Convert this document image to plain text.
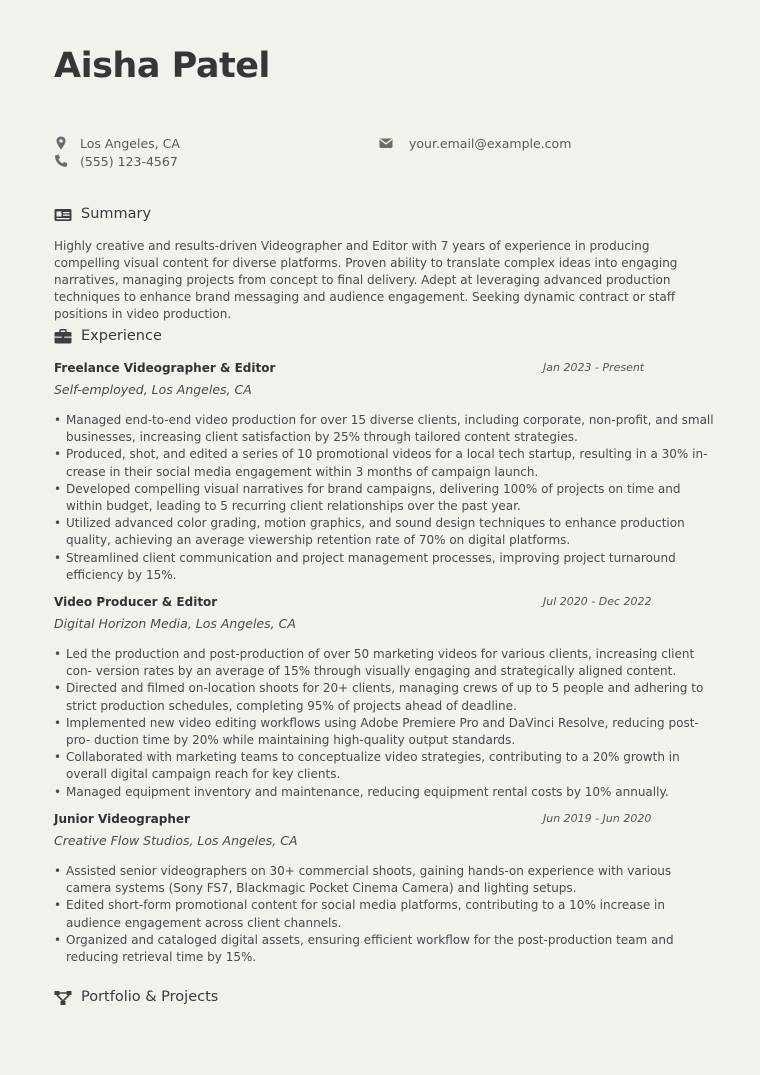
Aisha Patel
Los Angeles, CA
(555) 123-4567
your.email@example.com
Summary

Highly creative and results-driven Videographer and Editor with 7 years of experience in producing compelling visual content for diverse platforms. Proven ability to translate complex ideas into engaging narratives, managing projects from concept to final delivery. Adept at leveraging advanced production techniques to enhance brand messaging and audience engagement. Seeking dynamic contract or staff positions in video production.

Experience
Freelance Videographer & Editor	Jan 2023 - Present
Self-employed, Los Angeles, CA
• Managed end-to-end video production for over 15 diverse clients, including corporate, non-profit, and small businesses, increasing client satisfaction by 25% through tailored content strategies.
• Produced, shot, and edited a series of 10 promotional videos for a local tech startup, resulting in a 30% in- crease in their social media engagement within 3 months of campaign launch.
• Developed compelling visual narratives for brand campaigns, delivering 100% of projects on time and within budget, leading to 5 recurring client relationships over the past year.
• Utilized advanced color grading, motion graphics, and sound design techniques to enhance production quality, achieving an average viewership retention rate of 70% on digital platforms.
• Streamlined client communication and project management processes, improving project turnaround efficiency by 15%.
Video Producer & Editor	Jul 2020 - Dec 2022
Digital Horizon Media, Los Angeles, CA
• Led the production and post-production of over 50 marketing videos for various clients, increasing client con- version rates by an average of 15% through visually engaging and strategically aligned content.
• Directed and filmed on-location shoots for 20+ clients, managing crews of up to 5 people and adhering to strict production schedules, completing 95% of projects ahead of deadline.
• Implemented new video editing workflows using Adobe Premiere Pro and DaVinci Resolve, reducing post-pro- duction time by 20% while maintaining high-quality output standards.
• Collaborated with marketing teams to conceptualize video strategies, contributing to a 20% growth in overall digital campaign reach for key clients.
• Managed equipment inventory and maintenance, reducing equipment rental costs by 10% annually.
Junior Videographer	Jun 2019 - Jun 2020
Creative Flow Studios, Los Angeles, CA
• Assisted senior videographers on 30+ commercial shoots, gaining hands-on experience with various camera systems (Sony FS7, Blackmagic Pocket Cinema Camera) and lighting setups.
• Edited short-form promotional content for social media platforms, contributing to a 10% increase in audience engagement across client channels.
• Organized and cataloged digital assets, ensuring efficient workflow for the post-production team and reducing retrieval time by 15%.
Portfolio & Projects
